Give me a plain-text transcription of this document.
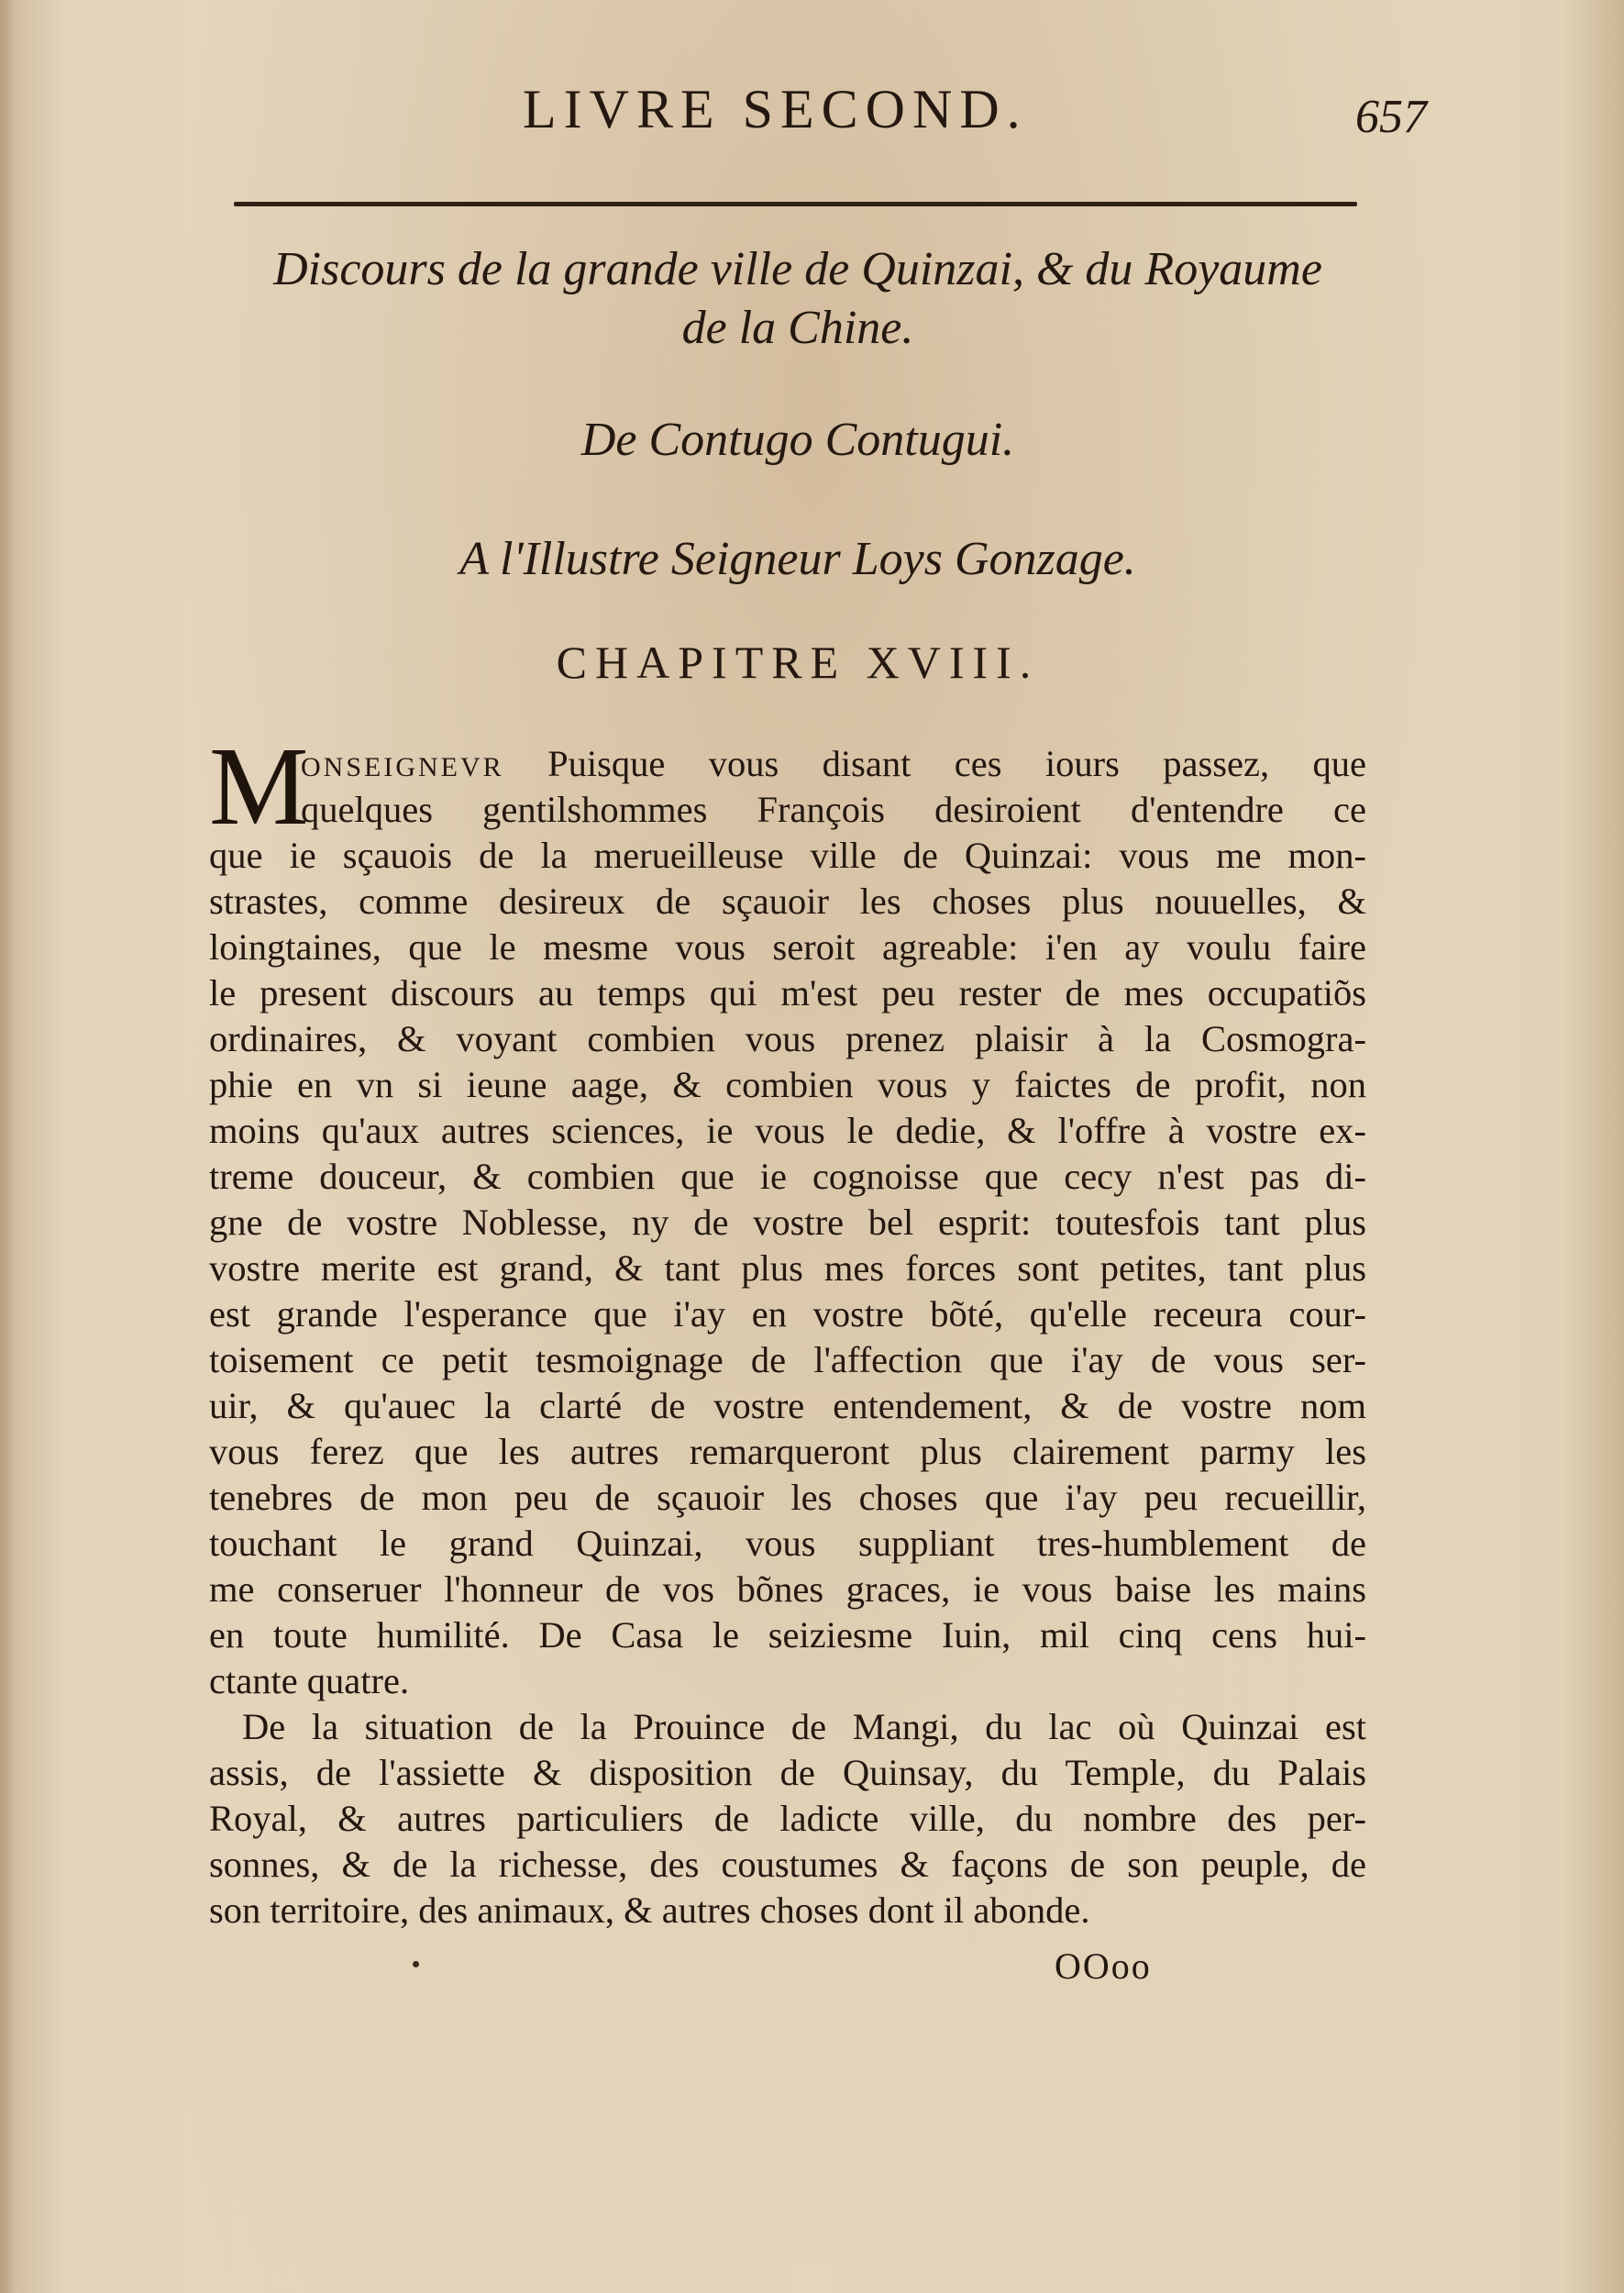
LIVRE SECOND.	657
Discours de la grande ville de Quinzai, & du Royaume
de la Chine.
De Contugo Contugui.
A l'Illustre Seigneur Loys Gonzage.
CHAPITRE XVIII.
M
ONSEIGNEVR Puisque vous disant ces iours passez, que
quelques gentilshommes François desiroient d'entendre ce
que ie sçauois de la merueilleuse ville de Quinzai: vous me mon-
strastes, comme desireux de sçauoir les choses plus nouuelles, &
loingtaines, que le mesme vous seroit agreable: i'en ay voulu faire
le present discours au temps qui m'est peu rester de mes occupatiõs
ordinaires, & voyant combien vous prenez plaisir à la Cosmogra-
phie en vn si ieune aage, & combien vous y faictes de profit, non
moins qu'aux autres sciences, ie vous le dedie, & l'offre à vostre ex-
treme douceur, & combien que ie cognoisse que cecy n'est pas di-
gne de vostre Noblesse, ny de vostre bel esprit: toutesfois tant plus
vostre merite est grand, & tant plus mes forces sont petites, tant plus
est grande l'esperance que i'ay en vostre bõté, qu'elle receura cour-
toisement ce petit tesmoignage de l'affection que i'ay de vous ser-
uir, & qu'auec la clarté de vostre entendement, & de vostre nom
vous ferez que les autres remarqueront plus clairement parmy les
tenebres de mon peu de sçauoir les choses que i'ay peu recueillir,
touchant le grand Quinzai, vous suppliant tres-humblement de
me conseruer l'honneur de vos bõnes graces, ie vous baise les mains
en toute humilité. De Casa le seiziesme Iuin, mil cinq cens hui-
ctante quatre.
De la situation de la Prouince de Mangi, du lac où Quinzai est
assis, de l'assiette & disposition de Quinsay, du Temple, du Palais
Royal, & autres particuliers de ladicte ville, du nombre des per-
sonnes, & de la richesse, des coustumes & façons de son peuple, de
son territoire, des animaux, & autres choses dont il abonde.
OOoo
